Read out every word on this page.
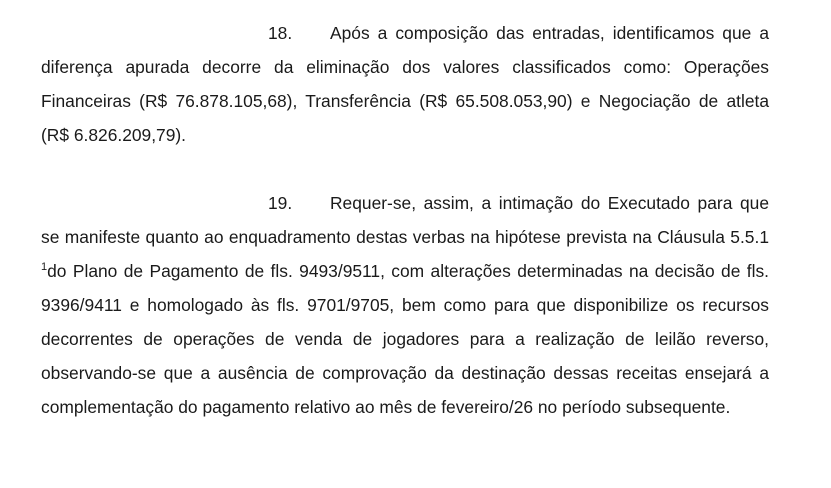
18. Após a composição das entradas, identificamos que a diferença apurada decorre da eliminação dos valores classificados como: Operações Financeiras (R$ 76.878.105,68), Transferência (R$ 65.508.053,90) e Negociação de atleta (R$ 6.826.209,79).

19. Requer-se, assim, a intimação do Executado para que se manifeste quanto ao enquadramento destas verbas na hipótese prevista na Cláusula 5.5.1 $^1$do Plano de Pagamento de fls. 9493/9511, com alterações determinadas na decisão de fls. 9396/9411 e homologado às fls. 9701/9705, bem como para que disponibilize os recursos decorrentes de operações de venda de jogadores para a realização de leilão reverso, observando-se que a ausência de comprovação da destinação dessas receitas ensejará a complementação do pagamento relativo ao mês de fevereiro/26 no período subsequente.
